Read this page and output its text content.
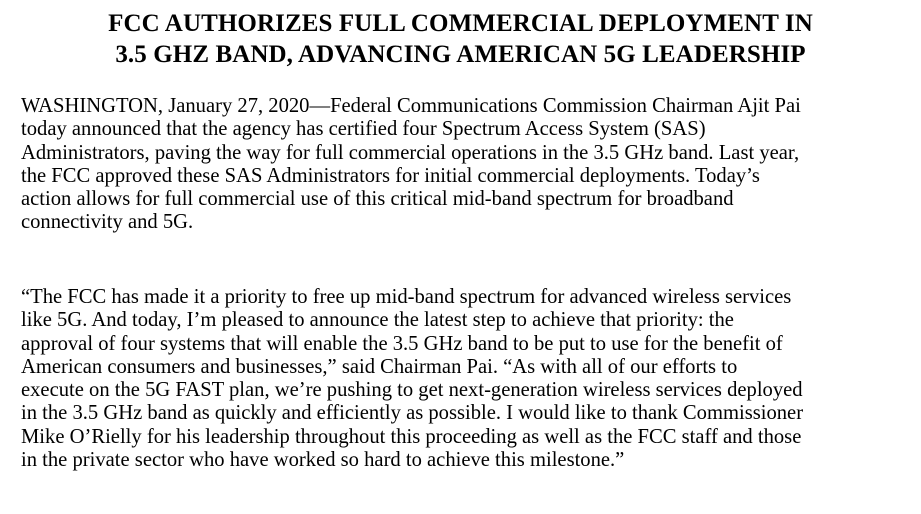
FCC AUTHORIZES FULL COMMERCIAL DEPLOYMENT IN
3.5 GHZ BAND, ADVANCING AMERICAN 5G LEADERSHIP
WASHINGTON, January 27, 2020—Federal Communications Commission Chairman Ajit Pai
today announced that the agency has certified four Spectrum Access System (SAS)
Administrators, paving the way for full commercial operations in the 3.5 GHz band. Last year,
the FCC approved these SAS Administrators for initial commercial deployments. Today’s
action allows for full commercial use of this critical mid-band spectrum for broadband
connectivity and 5G.
“The FCC has made it a priority to free up mid-band spectrum for advanced wireless services
like 5G. And today, I’m pleased to announce the latest step to achieve that priority: the
approval of four systems that will enable the 3.5 GHz band to be put to use for the benefit of
American consumers and businesses,” said Chairman Pai. “As with all of our efforts to
execute on the 5G FAST plan, we’re pushing to get next-generation wireless services deployed
in the 3.5 GHz band as quickly and efficiently as possible. I would like to thank Commissioner
Mike O’Rielly for his leadership throughout this proceeding as well as the FCC staff and those
in the private sector who have worked so hard to achieve this milestone.”
